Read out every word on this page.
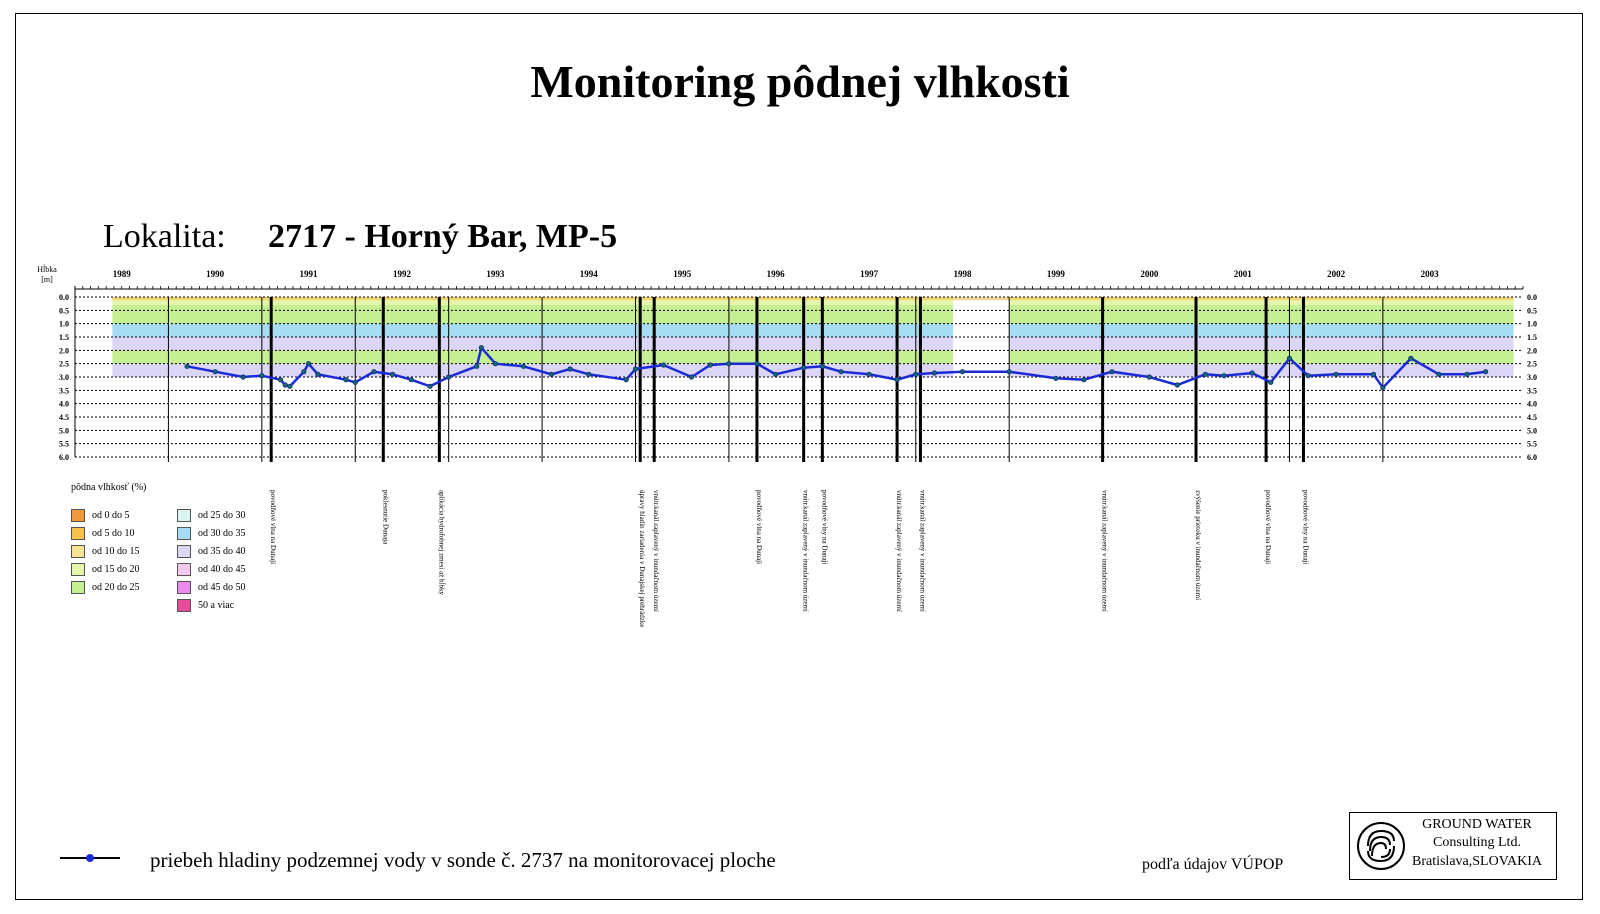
Monitoring pôdnej vlhkosti
Lokalita: 2717 - Horný Bar, MP-5
0.0	0.0
0.5	0.5
1.0	1.0
1.5	1.5
2.0	2.0
2.5	2.5
3.0	3.0
3.5	3.5
4.0	4.0
4.5	4.5
5.0	5.0
5.5	5.5
6.0	6.0
Hĺbka
[m]
1989	1990	1991	1992	1993	1994	1995	1996	1997	1998	1999	2000	2001	2002	2003
povodňové vlna na Dunaji	poklesnutie Dunaja	aplikácia hydrofobnej zmesi až hĺbky	úpravy hladín zariadenia v Dunajskej prehrádzke vnútr.kanál zaplavený v inundačnom území	povodňové vlna na Dunaji	vnútr.kanál zaplavený v inundačnom území povodňové vlny na Dunaji	vnútr.kanál zaplavený v inundačnom území vnútr.kanál zaplavený v inundačnom území	vnútr.kanál zaplavený v inundačnom území	zvýšenie prietoku v inundačnom území	povodňové vlna na Dunaji	povodňové vlny na Dunaji
pôdna vlhkosť (%)
od 0 do 5
od 5 do 10
od 10 do 15
od 15 do 20
od 20 do 25
od 25 do 30
od 30 do 35
od 35 do 40
od 40 do 45
od 45 do 50
50 a viac
priebeh hladiny podzemnej vody v sonde č. 2737 na monitorovacej ploche	podľa údajov VÚPOP
GROUND WATER
Consulting Ltd.
Bratislava,SLOVAKIA
